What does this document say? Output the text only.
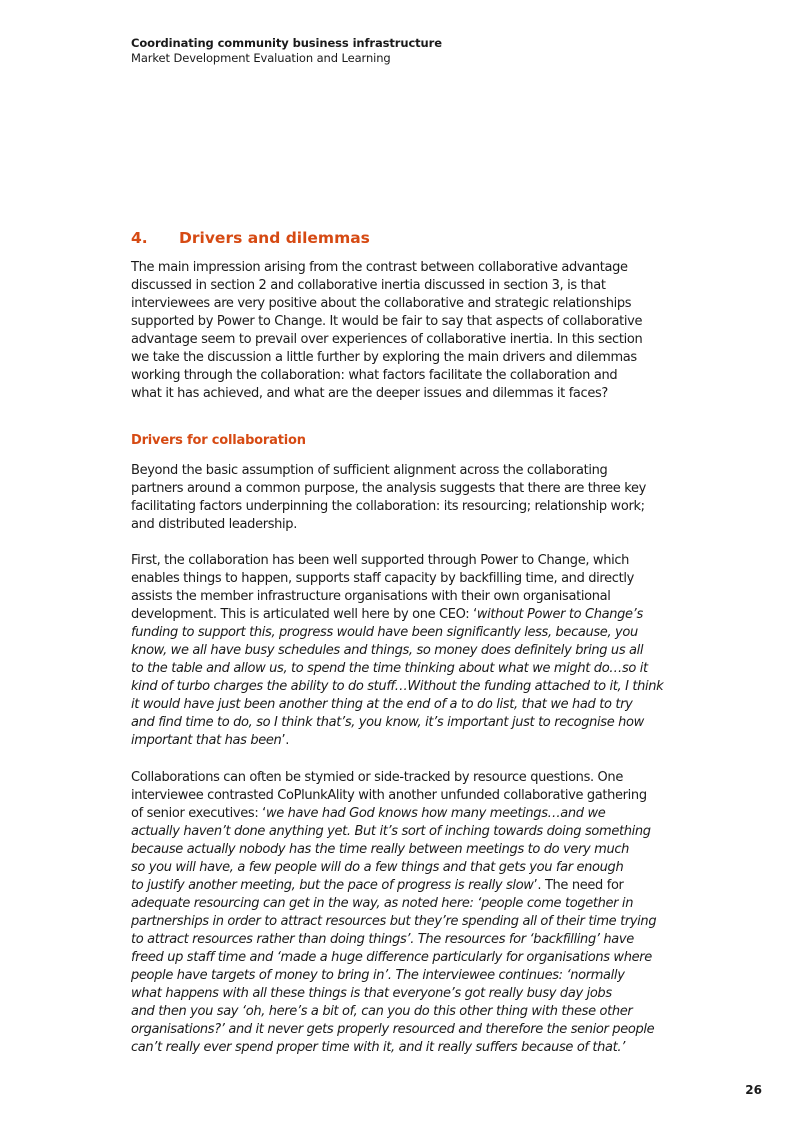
Coordinating community business infrastructure
Market Development Evaluation and Learning
4. Drivers and dilemmas

The main impression arising from the contrast between collaborative advantage
discussed in section 2 and collaborative inertia discussed in section 3, is that
interviewees are very positive about the collaborative and strategic relationships
supported by Power to Change. It would be fair to say that aspects of collaborative
advantage seem to prevail over experiences of collaborative inertia. In this section
we take the discussion a little further by exploring the main drivers and dilemmas
working through the collaboration: what factors facilitate the collaboration and
what it has achieved, and what are the deeper issues and dilemmas it faces?

Drivers for collaboration

Beyond the basic assumption of sufficient alignment across the collaborating
partners around a common purpose, the analysis suggests that there are three key
facilitating factors underpinning the collaboration: its resourcing; relationship work;
and distributed leadership.

First, the collaboration has been well supported through Power to Change, which
enables things to happen, supports staff capacity by backfilling time, and directly
assists the member infrastructure organisations with their own organisational
development. This is articulated well here by one CEO: ‘without Power to Change’s
funding to support this, progress would have been significantly less, because, you
know, we all have busy schedules and things, so money does definitely bring us all
to the table and allow us, to spend the time thinking about what we might do…so it
kind of turbo charges the ability to do stuff…Without the funding attached to it, I think
it would have just been another thing at the end of a to do list, that we had to try
and find time to do, so I think that’s, you know, it’s important just to recognise how
important that has been’.

Collaborations can often be stymied or side-tracked by resource questions. One
interviewee contrasted CoPlunkAlity with another unfunded collaborative gathering
of senior executives: ‘we have had God knows how many meetings…and we
actually haven’t done anything yet. But it’s sort of inching towards doing something
because actually nobody has the time really between meetings to do very much
so you will have, a few people will do a few things and that gets you far enough
to justify another meeting, but the pace of progress is really slow’. The need for
adequate resourcing can get in the way, as noted here: ‘people come together in
partnerships in order to attract resources but they’re spending all of their time trying
to attract resources rather than doing things’. The resources for ‘backfilling’ have
freed up staff time and ‘made a huge difference particularly for organisations where
people have targets of money to bring in’. The interviewee continues: ‘normally
what happens with all these things is that everyone’s got really busy day jobs
and then you say ‘oh, here’s a bit of, can you do this other thing with these other
organisations?’ and it never gets properly resourced and therefore the senior people
can’t really ever spend proper time with it, and it really suffers because of that.’

26
